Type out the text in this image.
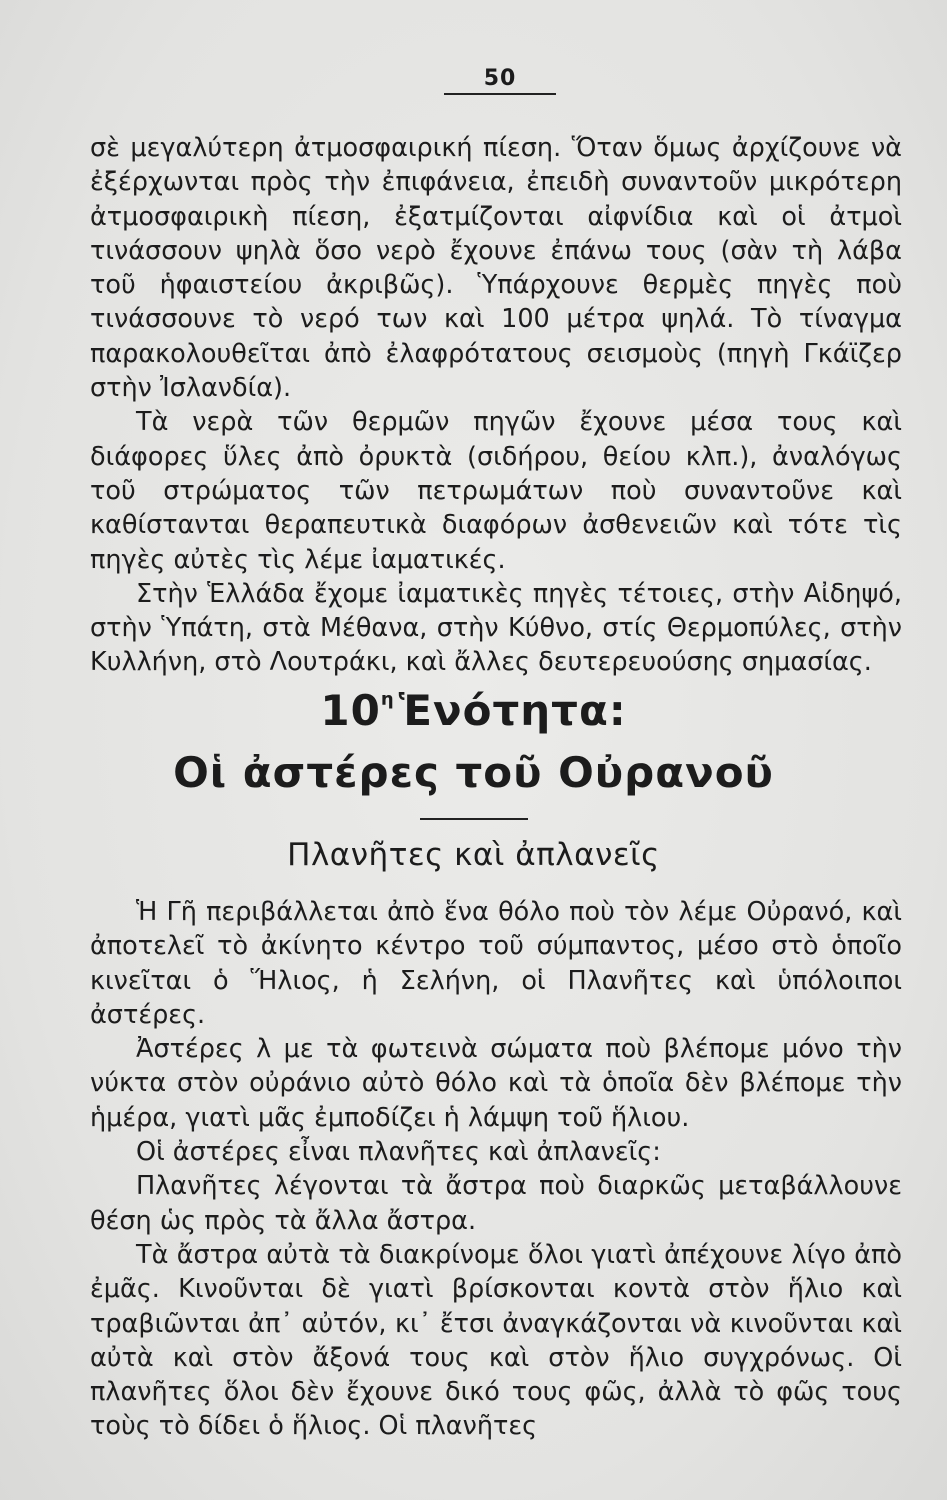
50

σὲ μεγαλύτερη ἀτμοσφαιρική πίεση. Ὅταν ὅμως ἀρχίζουνε νὰ ἐξέρχωνται πρὸς τὴν ἐπιφάνεια, ἐπειδὴ συναντοῦν μικρότερη ἀτμοσφαιρικὴ πίεση, ἐξατμίζονται αἰφνίδια καὶ οἱ ἀτμοὶ τινάσσουν ψηλὰ ὅσο νερὸ ἔχουνε ἐπάνω τους (σὰν τὴ λάβα τοῦ ἡφαιστείου ἀκριβῶς). Ὑπάρχουνε θερμὲς πηγὲς ποὺ τινάσσουνε τὸ νερό των καὶ 100 μέτρα ψηλά. Τὸ τίναγμα παρακολουθεῖται ἀπὸ ἐλαφρότατους σεισμοὺς (πηγὴ Γκάϊζερ στὴν Ἰσλανδία).

Τὰ νερὰ τῶν θερμῶν πηγῶν ἔχουνε μέσα τους καὶ διάφορες ὕλες ἀπὸ ὀρυκτὰ (σιδήρου, θείου κλπ.), ἀναλόγως τοῦ στρώματος τῶν πετρωμάτων ποὺ συναντοῦνε καὶ καθίστανται θεραπευτικὰ διαφόρων ἀσθενειῶν καὶ τότε τὶς πηγὲς αὐτὲς τὶς λέμε ἰαματικές.

Στὴν Ἑλλάδα ἔχομε ἰαματικὲς πηγὲς τέτοιες, στὴν Αἰδηψό, στὴν Ὑπάτη, στὰ Μέθανα, στὴν Κύθνο, στίς Θερμοπύλες, στὴν Κυλλήνη, στὸ Λουτράκι, καὶ ἄλλες δευτερευούσης σημασίας.

$10^\eta Ἑ\nu ό\tau\eta\tau\alpha$:
Οἱ ἀστέρες τοῦ Οὐρανοῦ
Πλανῆτες καὶ ἀπλανεῖς

Ἡ Γῆ περιβάλλεται ἀπὸ ἕνα θόλο ποὺ τὸν λέμε Οὐρανό, καὶ ἀποτελεῖ τὸ ἀκίνητο κέντρο τοῦ σύμπαντος, μέσο στὸ ὁποῖο κινεῖται ὁ Ἥλιος, ἡ Σελήνη, οἱ Πλανῆτες καὶ ὑπόλοιποι ἀστέρες.

Ἀστέρες λ με τὰ φωτεινὰ σώματα ποὺ βλέπομε μόνο τὴν νύκτα στὸν οὐράνιο αὐτὸ θόλο καὶ τὰ ὁποῖα δὲν βλέπομε τὴν ἡμέρα, γιατὶ μᾶς ἐμποδίζει ἡ λάμψη τοῦ ἥλιου.

Οἱ ἀστέρες εἶναι πλανῆτες καὶ ἀπλανεῖς:

Πλανῆτες λέγονται τὰ ἄστρα ποὺ διαρκῶς μεταβάλλουνε θέση ὡς πρὸς τὰ ἄλλα ἄστρα.

Τὰ ἄστρα αὐτὰ τὰ διακρίνομε ὅλοι γιατὶ ἀπέχουνε λίγο ἀπὸ ἐμᾶς. Κινοῦνται δὲ γιατὶ βρίσκονται κοντὰ στὸν ἥλιο καὶ τραβιῶνται ἀπ᾽ αὐτόν, κι᾽ ἔτσι ἀναγκάζονται νὰ κινοῦνται καὶ αὐτὰ καὶ στὸν ἄξονά τους καὶ στὸν ἥλιο συγχρόνως. Οἱ πλανῆτες ὅλοι δὲν ἔχουνε δικό τους φῶς, ἀλλὰ τὸ φῶς τους τοὺς τὸ δίδει ὁ ἥλιος. Οἱ πλανῆτες
